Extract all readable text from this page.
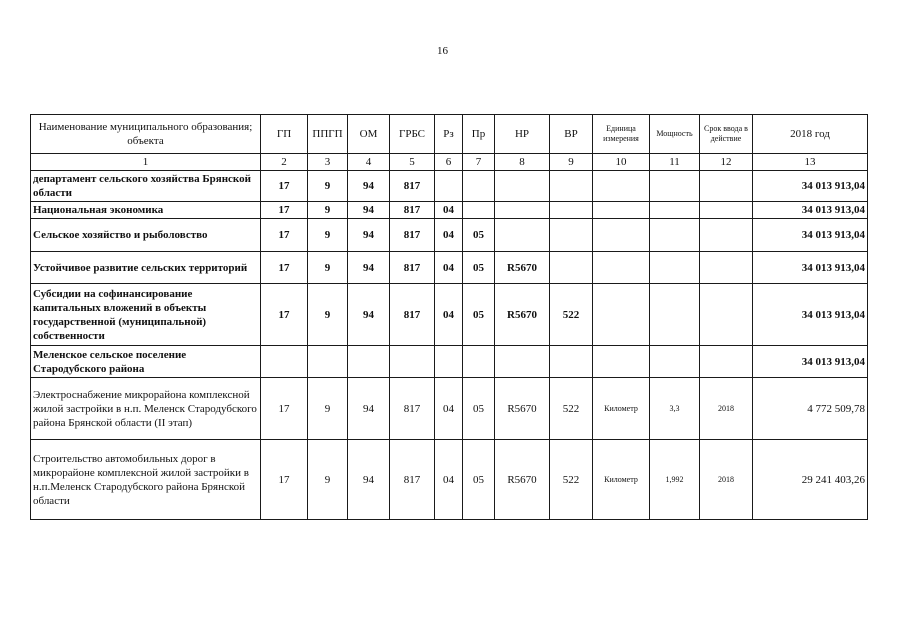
16
Наименование муниципального образования; объекта	ГП	ППГП	ОМ	ГРБС	Рз	Пр	НР	ВР	Единица измерения	Мощность	Срок ввода в действие	2018 год
1	2	3	4	5	6	7	8	9	10	11	12	13
департамент сельского хозяйства Брянской области	17	9	94	817								34 013 913,04
Национальная экономика	17	9	94	817	04							34 013 913,04
Сельское хозяйство и рыболовство	17	9	94	817	04	05						34 013 913,04
Устойчивое развитие сельских территорий	17	9	94	817	04	05	R5670					34 013 913,04
Субсидии на софинансирование капитальных вложений в объекты государственной (муниципальной) собственности	17	9	94	817	04	05	R5670	522				34 013 913,04
Меленское сельское поселение Стародубского района												34 013 913,04
Электроснабжение микрорайона комплексной жилой застройки в н.п. Меленск Стародубского района Брянской области (II этап)	17	9	94	817	04	05	R5670	522	Километр	3,3	2018	4 772 509,78
Строительство автомобильных дорог в микрорайоне комплексной жилой застройки в н.п.Меленск Стародубского района Брянской области	17	9	94	817	04	05	R5670	522	Километр	1,992	2018	29 241 403,26
